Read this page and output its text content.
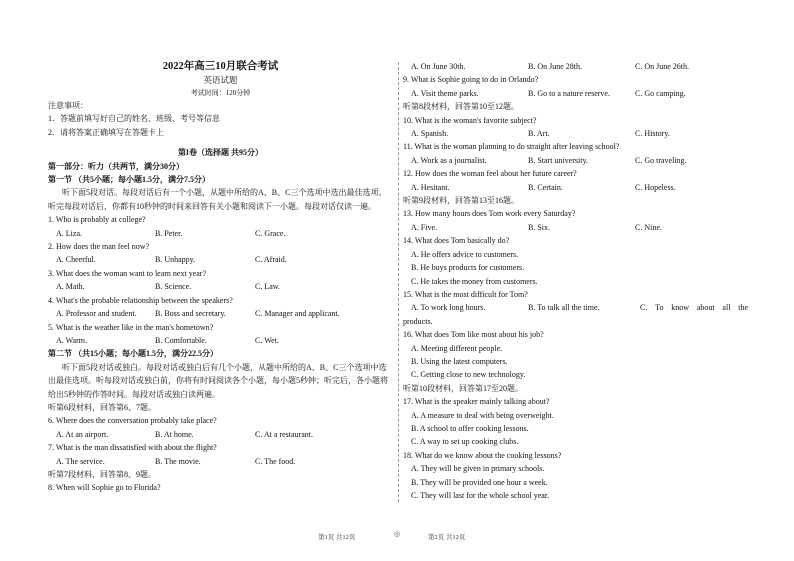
2022年高三10月联合考试
英语试题
考试时间：120分钟
注意事项：
1．答题前填写好自己的姓名、班级、考号等信息
2．请将答案正确填写在答题卡上
第I卷（选择题 共95分）
第一部分：听力（共两节，满分30分）
第一节 （共5小题；每小题1.5分，满分7.5分）
听下面5段对话。每段对话后有一个小题，从题中所给的A、B、C三个选项中选出最佳选项。
听完每段对话后，你都有10秒钟的时间来回答有关小题和阅读下一小题。每段对话仅读一遍。
1. Who is probably at college?
A. Liza.	B. Peter.	C. Grace.
2. How does the man feel now?
A. Cheerful.	B. Unhappy.	C. Afraid.
3. What does the woman want to learn next year?
A. Math.	B. Science.	C. Law.
4. What's the probable relationship between the speakers?
A. Professor and student.	B. Boss and secretary.	C. Manager and applicant.
5. What is the weather like in the man's hometown?
A. Warm.	B. Comfortable.	C. Wet.
第二节 （共15小题；每小题1.5分，满分22.5分）
听下面5段对话或独白。每段对话或独白后有几个小题，从题中所给的A、B、C三个选项中选出最佳选项。听每段对话或独白前，你将有时间阅读各个小题，每小题5秒钟；听完后，各小题将给出5秒钟的作答时间。每段对话或独白读两遍。
听第6段材料，回答第6、7题。
6. Where does the conversation probably take place?
A. At an airport.	B. At home.	C. At a restaurant.
7. What is the man dissatisfied with about the flight?
A. The service.	B. The movie.	C. The food.
听第7段材料，回答第8、9题。
8. When will Sophie go to Florida?
A. On June 30th.	B. On June 28th.	C. On June 26th.
9. What is Sophie going to do in Orlando?
A. Visit theme parks.	B. Go to a nature reserve.	C. Go camping.
听第8段材料，回答第10至12题。
10. What is the woman's favorite subject?
A. Spanish.	B. Art.	C. History.
11. What is the woman planning to do straight after leaving school?
A. Work as a journalist.	B. Start university.	C. Go traveling.
12. How does the woman feel about her future career?
A. Hesitant.	B. Certain.	C. Hopeless.
听第9段材料，回答第13至16题。
13. How many hours does Tom work every Saturday?
A. Five.	B. Six.	C. Nine.
14. What does Tom basically do?
A. He offers advice to customers.
B. He buys products for customers.
C. He takes the money from customers.
15. What is the most difficult for Tom?
A. To work long hours.	B. To talk all the time.	C. To know about all the
products.
16. What does Tom like most about his job?
A. Meeting different people.
B. Using the latest computers.
C. Getting close to new technology.
听第10段材料，回答第17至20题。
17. What is the speaker mainly talking about?
A. A measure to deal with being overweight.
B. A school to offer cooking lessons.
C. A way to set up cooking clubs.
18. What do we know about the cooking lessons?
A. They will be given in primary schools.
B. They will be provided one hour a week.
C. They will last for the whole school year.
第1页 共12页	◎	第2页 共12页
